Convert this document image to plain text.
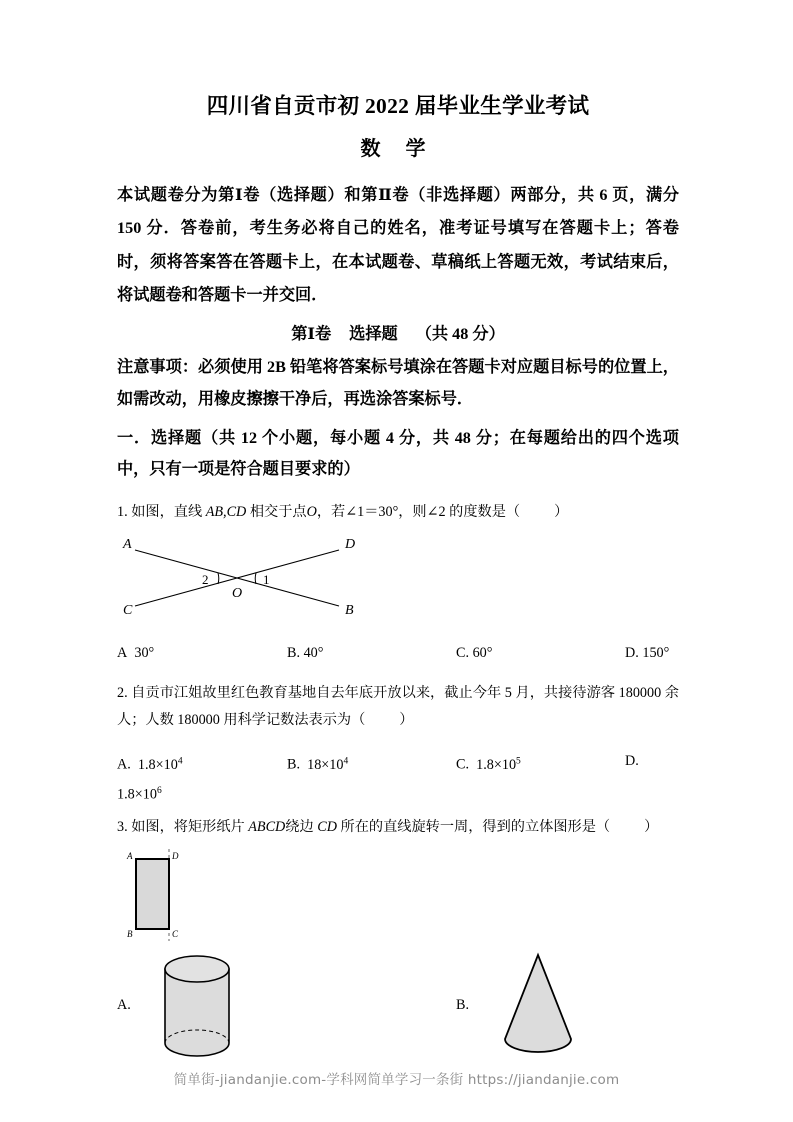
四川省自贡市初 2022 届毕业生学业考试
数 学

本试题卷分为第Ⅰ卷（选择题）和第Ⅱ卷（非选择题）两部分，共 6 页，满分 150 分．答卷前，考生务必将自己的姓名，准考证号填写在答题卡上；答卷时，须将答案答在答题卡上，在本试题卷、草稿纸上答题无效，考试结束后，将试题卷和答题卡一并交回．

第Ⅰ卷 选择题 （共 48 分）

注意事项：必须使用 2B 铅笔将答案标号填涂在答题卡对应题目标号的位置上，如需改动，用橡皮擦擦干净后，再选涂答案标号．

一．选择题（共 12 个小题，每小题 4 分，共 48 分；在每题给出的四个选项中，只有一项是符合题目要求的）

1. 如图，直线 AB,CD 相交于点O，若∠1＝30°，则∠2 的度数是（ ）

A	D
C	B
O
1
2
A 30°	B. 40°	C. 60°	D. 150°

2. 自贡市江姐故里红色教育基地自去年底开放以来，截止今年 5 月，共接待游客 180000 余人；人数 180000 用科学记数法表示为（ ）

A. $1.8\times 10^4$	B. $18\times 10^4$	C. $1.8\times 10^5$	D.
$1.8\times 10^6$

3. 如图，将矩形纸片 ABCD绕边 CD 所在的直线旋转一周，得到的立体图形是（ ）

A	D
B	C
A.	B.
简单街-jiandanjie.com-学科网简单学习一条街 https://jiandanjie.com
